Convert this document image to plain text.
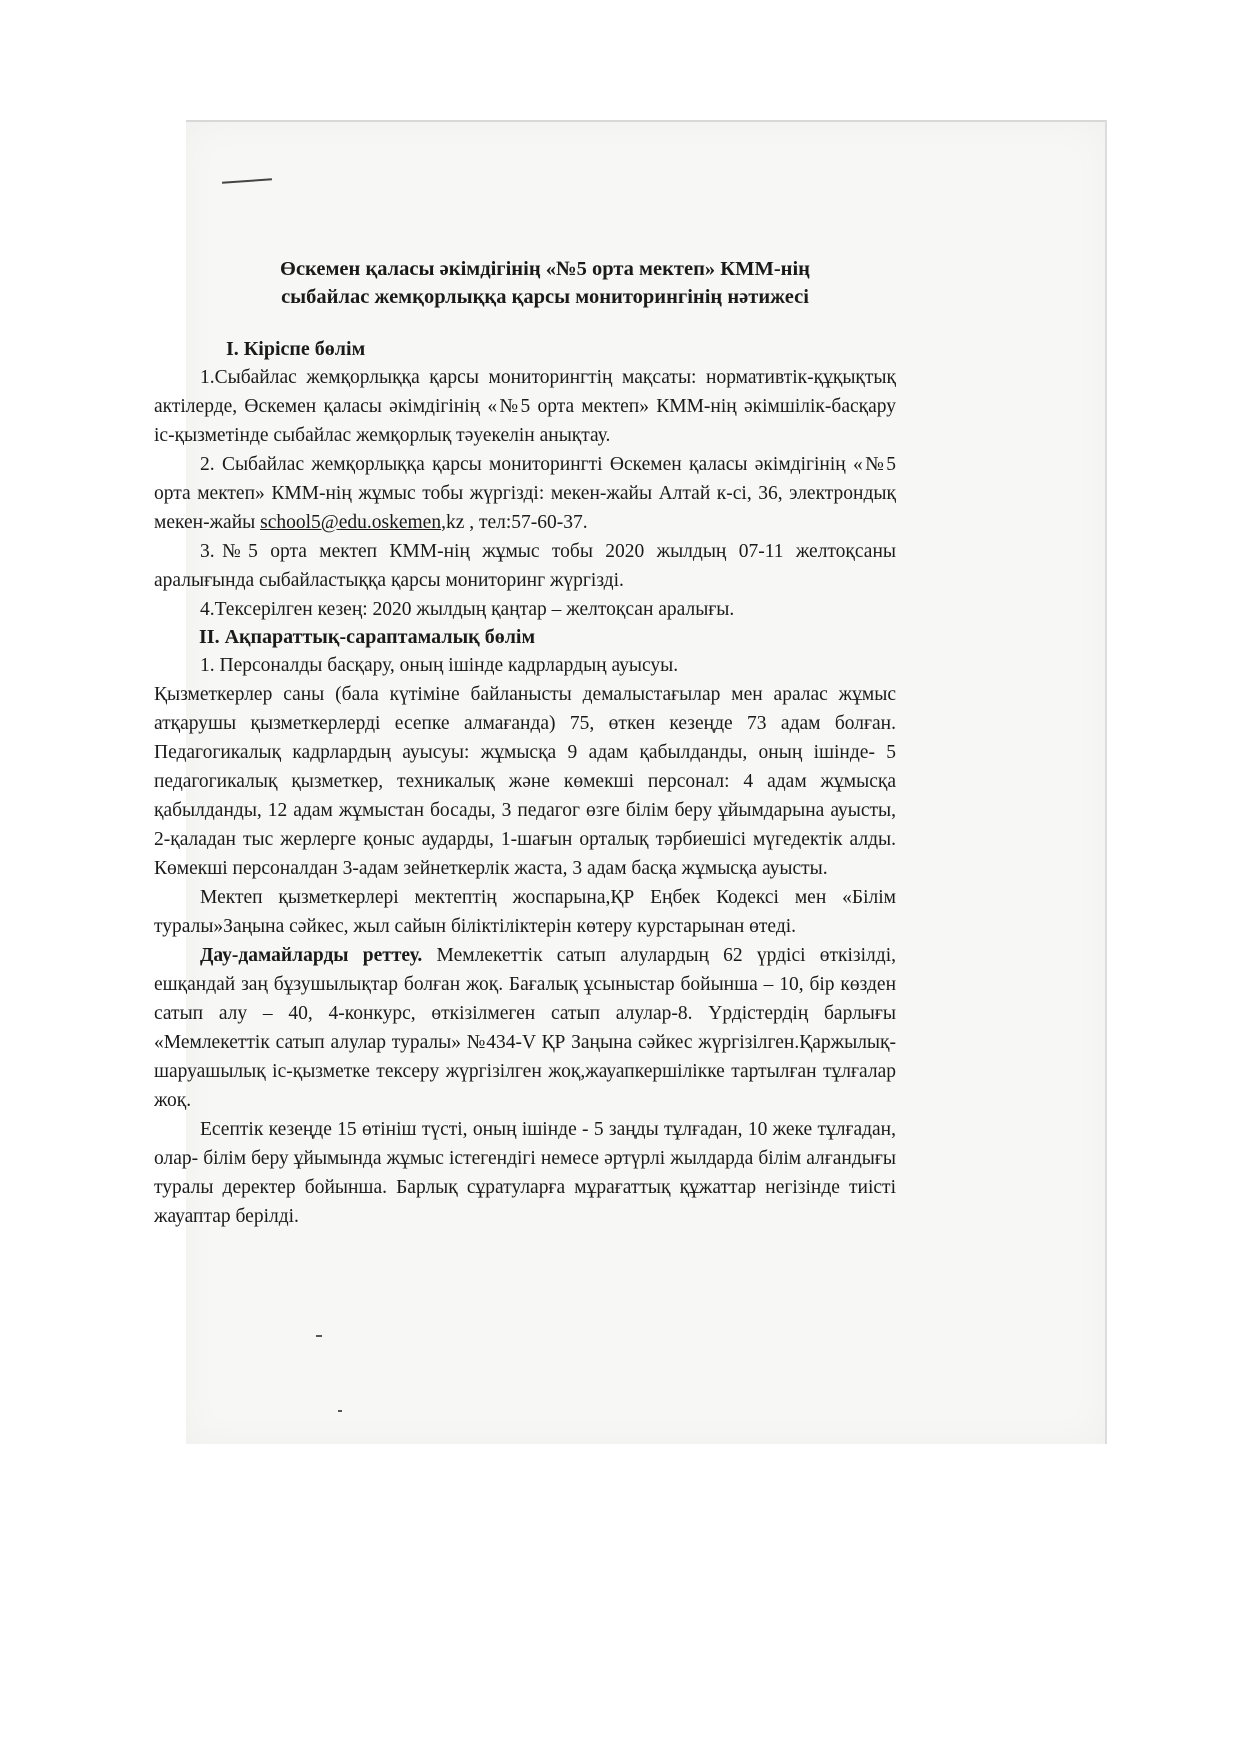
Өскемен қаласы әкімдігінің «№5 орта мектеп» КММ-нің
сыбайлас жемқорлыққа қарсы мониторингінің нәтижесі
I. Кіріспе бөлім

1.Сыбайлас жемқорлыққа қарсы мониторингтің мақсаты: нормативтік-құқықтық актілерде, Өскемен қаласы әкімдігінің «№5 орта мектеп» КММ-нің әкімшілік-басқару іс-қызметінде сыбайлас жемқорлық тәуекелін анықтау.

2. Сыбайлас жемқорлыққа қарсы мониторингті Өскемен қаласы әкімдігінің «№5 орта мектеп» КММ-нің жұмыс тобы жүргізді: мекен-жайы Алтай к-сі, 36, электрондық мекен-жайы school5@edu.oskemen,kz , тел:57-60-37.

3.№5 орта мектеп КММ-нің жұмыс тобы 2020 жылдың 07-11 желтоқсаны аралығында сыбайластыққа қарсы мониторинг жүргізді.

4.Тексерілген кезең: 2020 жылдың қаңтар – желтоқсан аралығы.

II. Ақпараттық-сараптамалық бөлім

1. Персоналды басқару, оның ішінде кадрлардың ауысуы.

Қызметкерлер саны (бала күтіміне байланысты демалыстағылар мен аралас жұмыс атқарушы қызметкерлерді есепке алмағанда) 75, өткен кезеңде 73 адам болған. Педагогикалық кадрлардың ауысуы: жұмысқа 9 адам қабылданды, оның ішінде- 5 педагогикалық қызметкер, техникалық және көмекші персонал: 4 адам жұмысқа қабылданды, 12 адам жұмыстан босады, 3 педагог өзге білім беру ұйымдарына ауысты, 2-қаладан тыс жерлерге қоныс аударды, 1-шағын орталық тәрбиешісі мүгедектік алды. Көмекші персоналдан 3-адам зейнеткерлік жаста, 3 адам басқа жұмысқа ауысты.

Мектеп қызметкерлері мектептің жоспарына,ҚР Еңбек Кодексі мен «Білім туралы»Заңына сәйкес, жыл сайын біліктіліктерін көтеру курстарынан өтеді.

Дау-дамайларды реттеу. Мемлекеттік сатып алулардың 62 үрдісі өткізілді, ешқандай заң бұзушылықтар болған жоқ. Бағалық ұсыныстар бойынша – 10, бір көзден сатып алу – 40, 4-конкурс, өткізілмеген сатып алулар-8. Үрдістердің барлығы «Мемлекеттік сатып алулар туралы» №434-V ҚР Заңына сәйкес жүргізілген.Қаржылық-шаруашылық іс-қызметке тексеру жүргізілген жоқ,жауапкершілікке тартылған тұлғалар жоқ.

Есептік кезеңде 15 өтініш түсті, оның ішінде - 5 заңды тұлғадан, 10 жеке тұлғадан, олар- білім беру ұйымында жұмыс істегендігі немесе әртүрлі жылдарда білім алғандығы туралы деректер бойынша. Барлық сұратуларға мұрағаттық құжаттар негізінде тиісті жауаптар берілді.
